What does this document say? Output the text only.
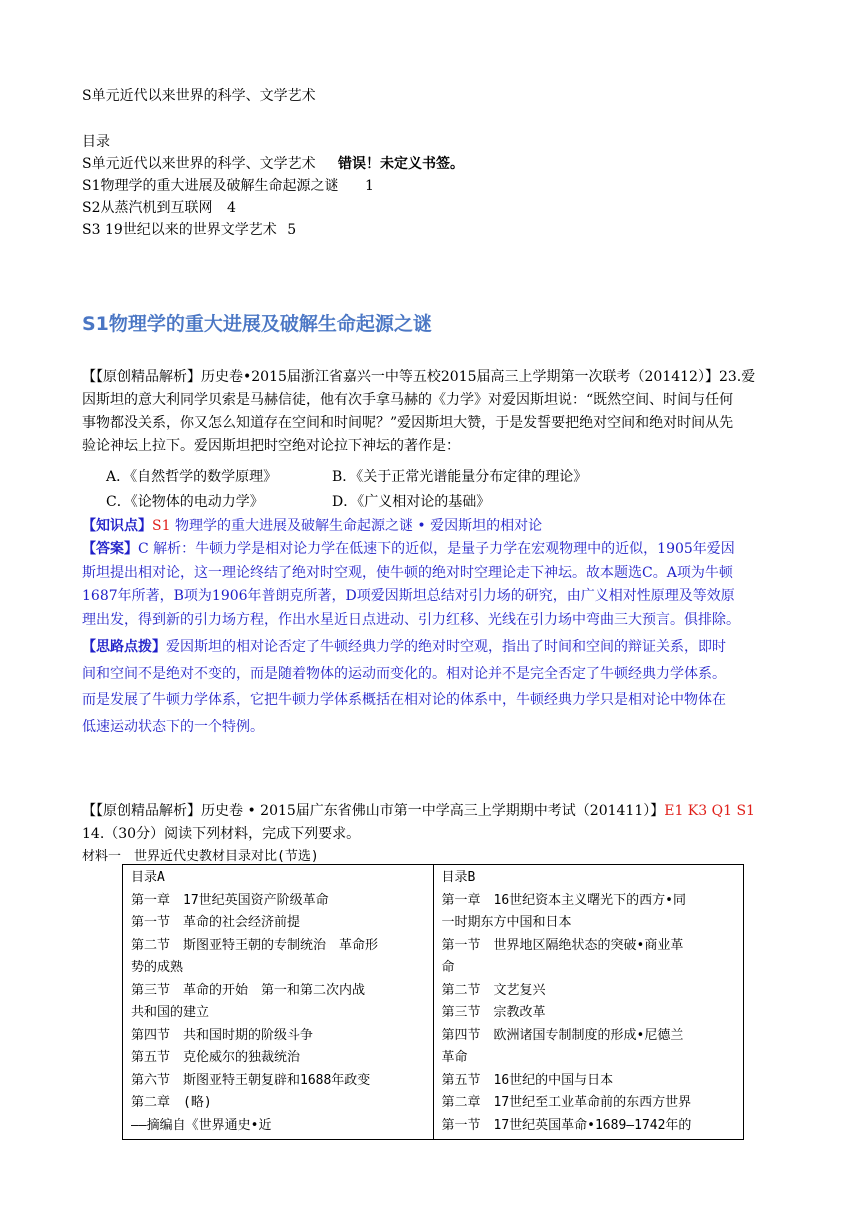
S单元近代以来世界的科学、文学艺术
目录
S单元近代以来世界的科学、文学艺术 错误！未定义书签。
S1物理学的重大进展及破解生命起源之谜 1
S2从蒸汽机到互联网 4
S3 19世纪以来的世界文学艺术 5
S1物理学的重大进展及破解生命起源之谜
【【原创精品解析】历史卷•2015届浙江省嘉兴一中等五校2015届高三上学期第一次联考（201412）】23.爱
因斯坦的意大利同学贝索是马赫信徒，他有次手拿马赫的《力学》对爱因斯坦说：“既然空间、时间与任何
事物都没关系，你又怎么知道存在空间和时间呢？”爱因斯坦大赞，于是发誓要把绝对空间和绝对时间从先
验论神坛上拉下。爱因斯坦把时空绝对论拉下神坛的著作是：
A．《自然哲学的数学原理》	B．《关于正常光谱能量分布定律的理论》
C．《论物体的电动力学》	D．《广义相对论的基础》
【知识点】S1 物理学的重大进展及破解生命起源之谜 • 爱因斯坦的相对论
【答案】C 解析：牛顿力学是相对论力学在低速下的近似，是量子力学在宏观物理中的近似，1905年爱因
斯坦提出相对论，这一理论终结了绝对时空观，使牛顿的绝对时空理论走下神坛。故本题选C。A项为牛顿
1687年所著，B项为1906年普朗克所著，D项爱因斯坦总结对引力场的研究，由广义相对性原理及等效原
理出发，得到新的引力场方程，作出水星近日点进动、引力红移、光线在引力场中弯曲三大预言。俱排除。
【思路点拨】爱因斯坦的相对论否定了牛顿经典力学的绝对时空观，指出了时间和空间的辩证关系，即时
间和空间不是绝对不变的，而是随着物体的运动而变化的。相对论并不是完全否定了牛顿经典力学体系。
而是发展了牛顿力学体系，它把牛顿力学体系概括在相对论的体系中，牛顿经典力学只是相对论中物体在
低速运动状态下的一个特例。
【【原创精品解析】历史卷 • 2015届广东省佛山市第一中学高三上学期期中考试（201411）】E1 K3 Q1 S1
14.（30分）阅读下列材料，完成下列要求。
材料一　世界近代史教材目录对比(节选)
目录A
第一章　17世纪英国资产阶级革命
第一节　革命的社会经济前提
第二节　斯图亚特王朝的专制统治　革命形
势的成熟
第三节　革命的开始　第一和第二次内战
共和国的建立
第四节　共和国时期的阶级斗争
第五节　克伦威尔的独裁统治
第六节　斯图亚特王朝复辟和1688年政变
第二章　(略)
——摘编自《世界通史•近

目录B
第一章　16世纪资本主义曙光下的西方•同
一时期东方中国和日本
第一节　世界地区隔绝状态的突破•商业革
命
第二节　文艺复兴
第三节　宗教改革
第四节　欧洲诸国专制制度的形成•尼德兰
革命
第五节　16世纪的中国与日本
第二章　17世纪至工业革命前的东西方世界
第一节　17世纪英国革命•1689—1742年的
